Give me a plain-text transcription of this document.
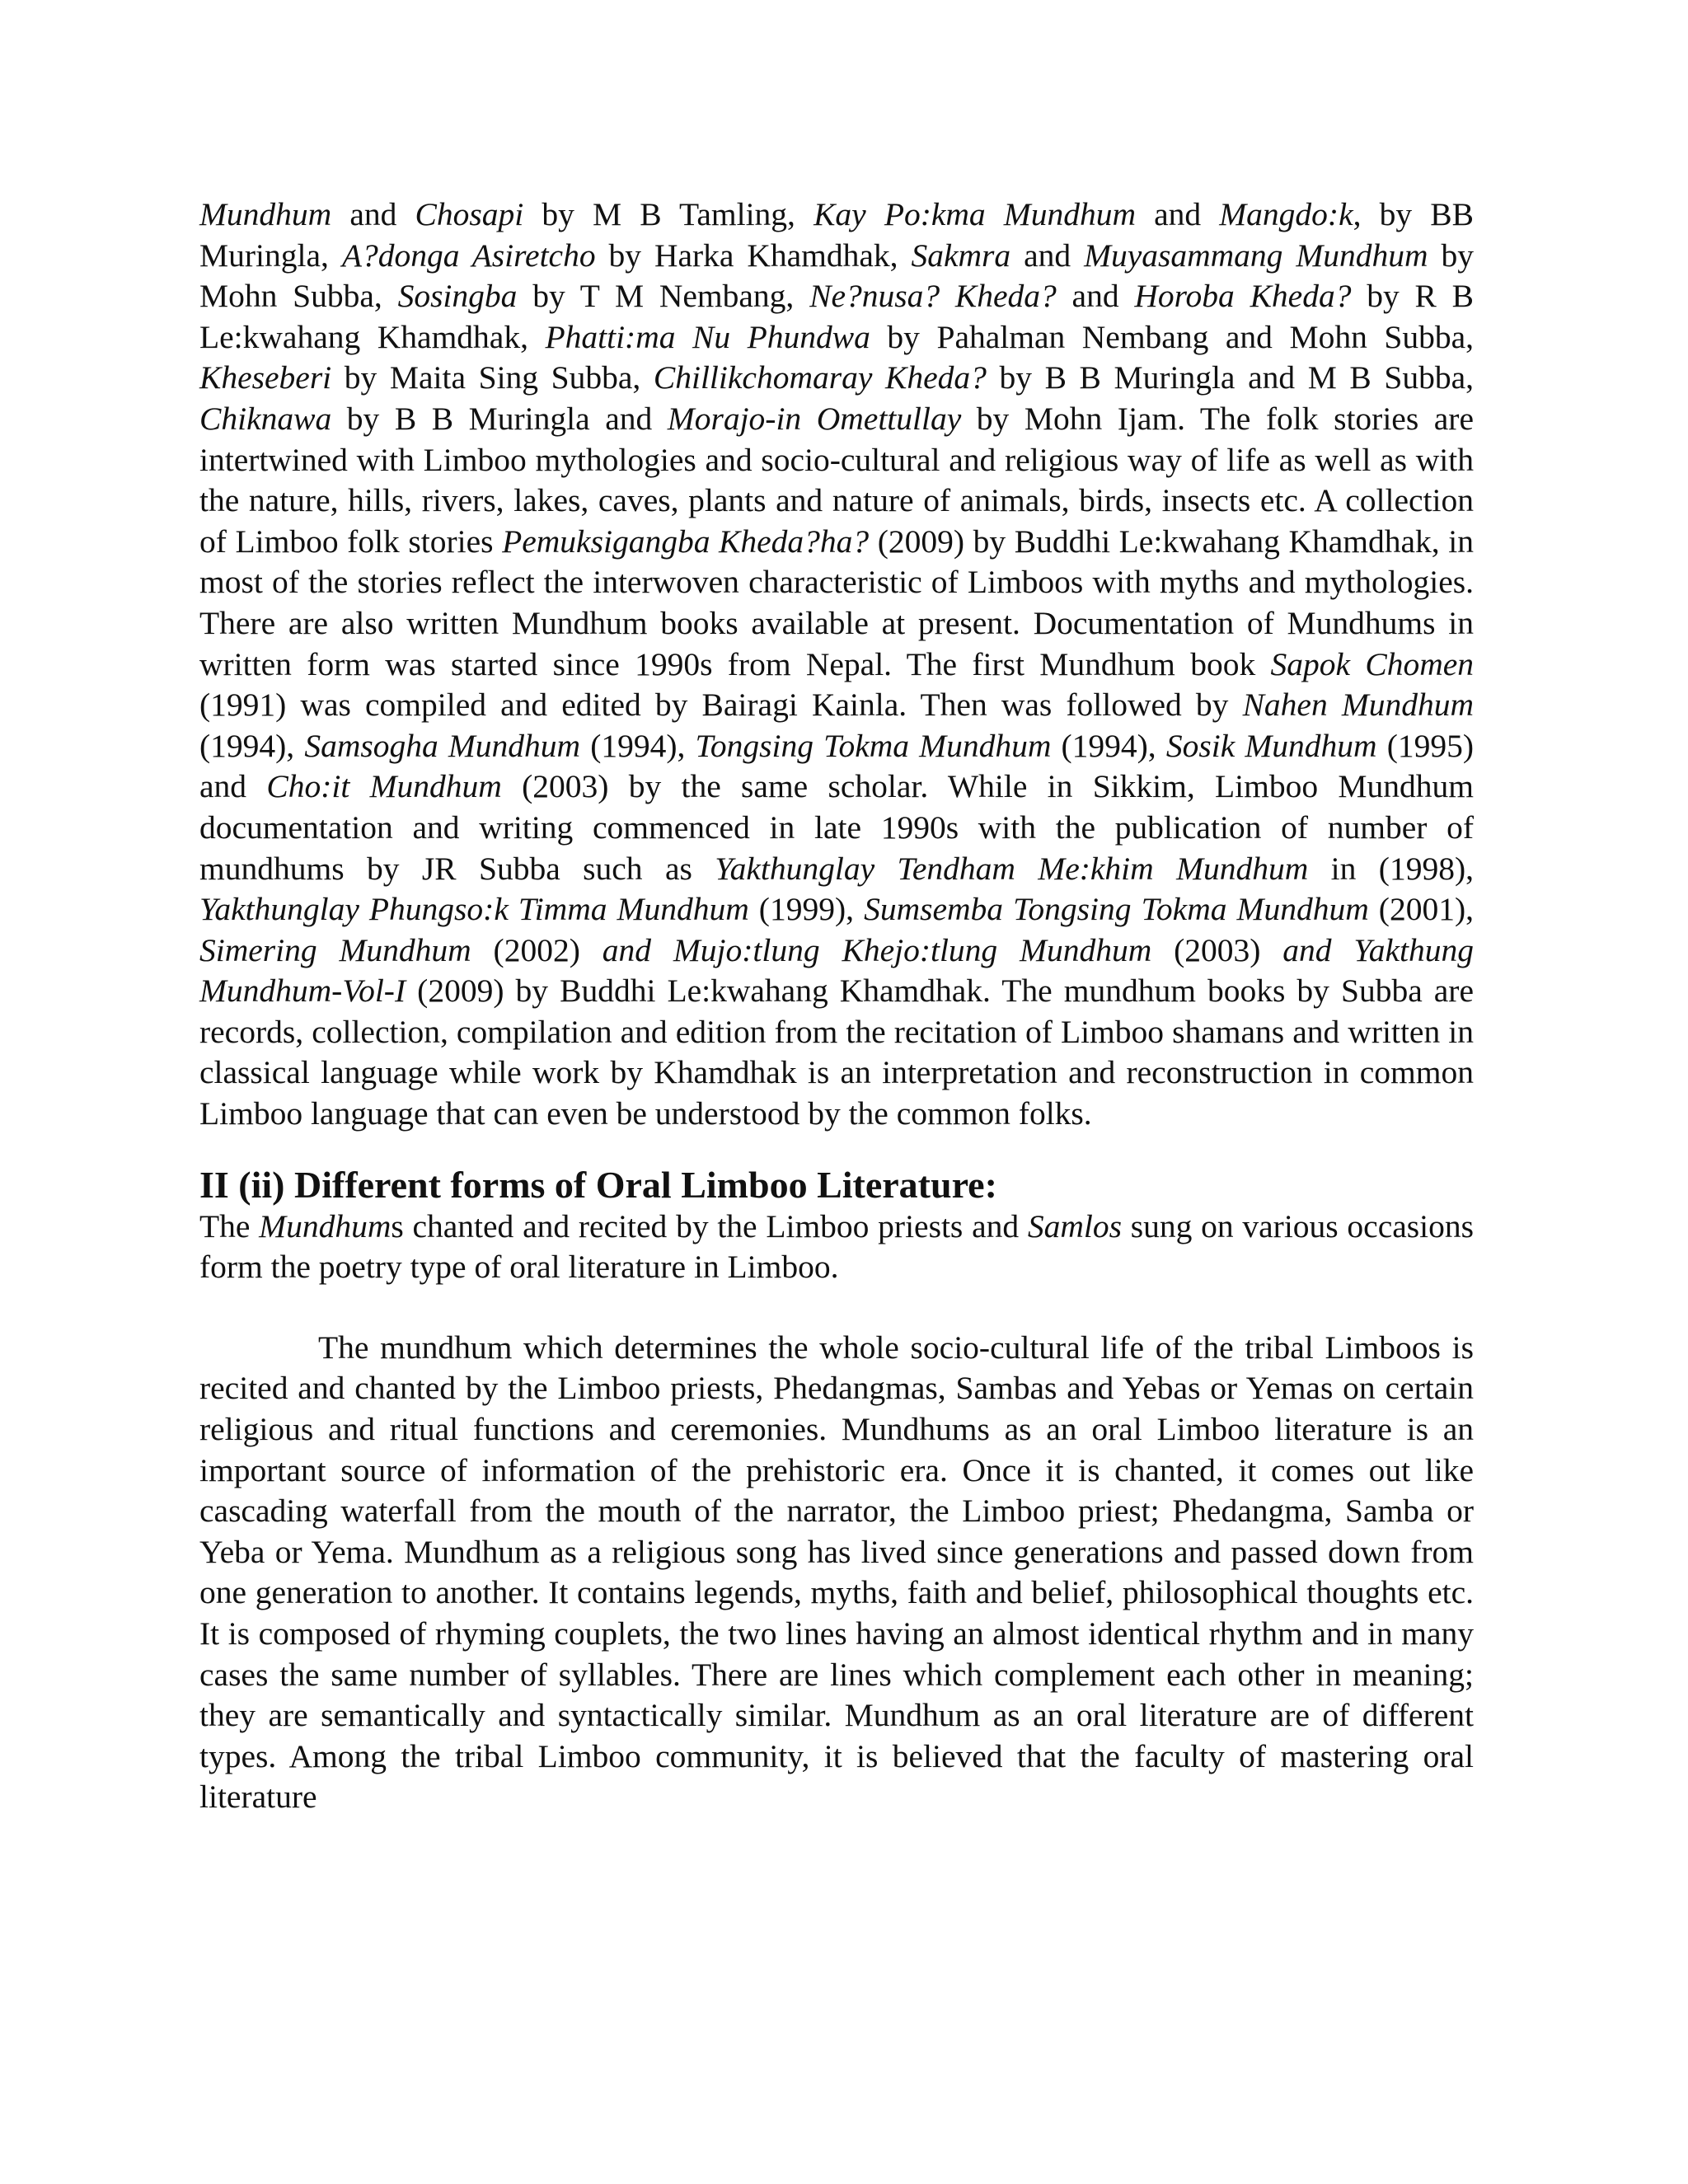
Mundhum and Chosapi by M B Tamling, Kay Po:kma Mundhum and Mangdo:k, by BB Muringla, A?donga Asiretcho by Harka Khamdhak, Sakmra and Muyasammang Mundhum by Mohn Subba, Sosingba by T M Nembang, Ne?nusa? Kheda? and Horoba Kheda? by R B Le:kwahang Khamdhak, Phatti:ma Nu Phundwa by Pahalman Nembang and Mohn Subba, Kheseberi by Maita Sing Subba, Chillikchomaray Kheda? by B B Muringla and M B Subba, Chiknawa by B B Muringla and Morajo-in Omettullay by Mohn Ijam. The folk stories are intertwined with Limboo mythologies and socio-cultural and religious way of life as well as with the nature, hills, rivers, lakes, caves, plants and nature of animals, birds, insects etc. A collection of Limboo folk stories Pemuksigangba Kheda?ha? (2009) by Buddhi Le:kwahang Khamdhak, in most of the stories reflect the interwoven characteristic of Limboos with myths and mythologies. There are also written Mundhum books available at present. Documentation of Mundhums in written form was started since 1990s from Nepal. The first Mundhum book Sapok Chomen (1991) was compiled and edited by Bairagi Kainla. Then was followed by Nahen Mundhum (1994), Samsogha Mundhum (1994), Tongsing Tokma Mundhum (1994), Sosik Mundhum (1995) and Cho:it Mundhum (2003) by the same scholar. While in Sikkim, Limboo Mundhum documentation and writing commenced in late 1990s with the publication of number of mundhums by JR Subba such as Yakthunglay Tendham Me:khim Mundhum in (1998), Yakthunglay Phungso:k Timma Mundhum (1999), Sumsemba Tongsing Tokma Mundhum (2001), Simering Mundhum (2002) and Mujo:tlung Khejo:tlung Mundhum (2003) and Yakthung Mundhum-Vol-I (2009) by Buddhi Le:kwahang Khamdhak. The mundhum books by Subba are records, collection, compilation and edition from the recitation of Limboo shamans and written in classical language while work by Khamdhak is an interpretation and reconstruction in common Limboo language that can even be understood by the common folks.

II (ii) Different forms of Oral Limboo Literature:

The Mundhums chanted and recited by the Limboo priests and Samlos sung on various occasions form the poetry type of oral literature in Limboo.

The mundhum which determines the whole socio-cultural life of the tribal Limboos is recited and chanted by the Limboo priests, Phedangmas, Sambas and Yebas or Yemas on certain religious and ritual functions and ceremonies. Mundhums as an oral Limboo literature is an important source of information of the prehistoric era. Once it is chanted, it comes out like cascading waterfall from the mouth of the narrator, the Limboo priest; Phedangma, Samba or Yeba or Yema. Mundhum as a religious song has lived since generations and passed down from one generation to another. It contains legends, myths, faith and belief, philosophical thoughts etc. It is composed of rhyming couplets, the two lines having an almost identical rhythm and in many cases the same number of syllables. There are lines which complement each other in meaning; they are semantically and syntactically similar. Mundhum as an oral literature are of different types. Among the tribal Limboo community, it is believed that the faculty of mastering oral literature
